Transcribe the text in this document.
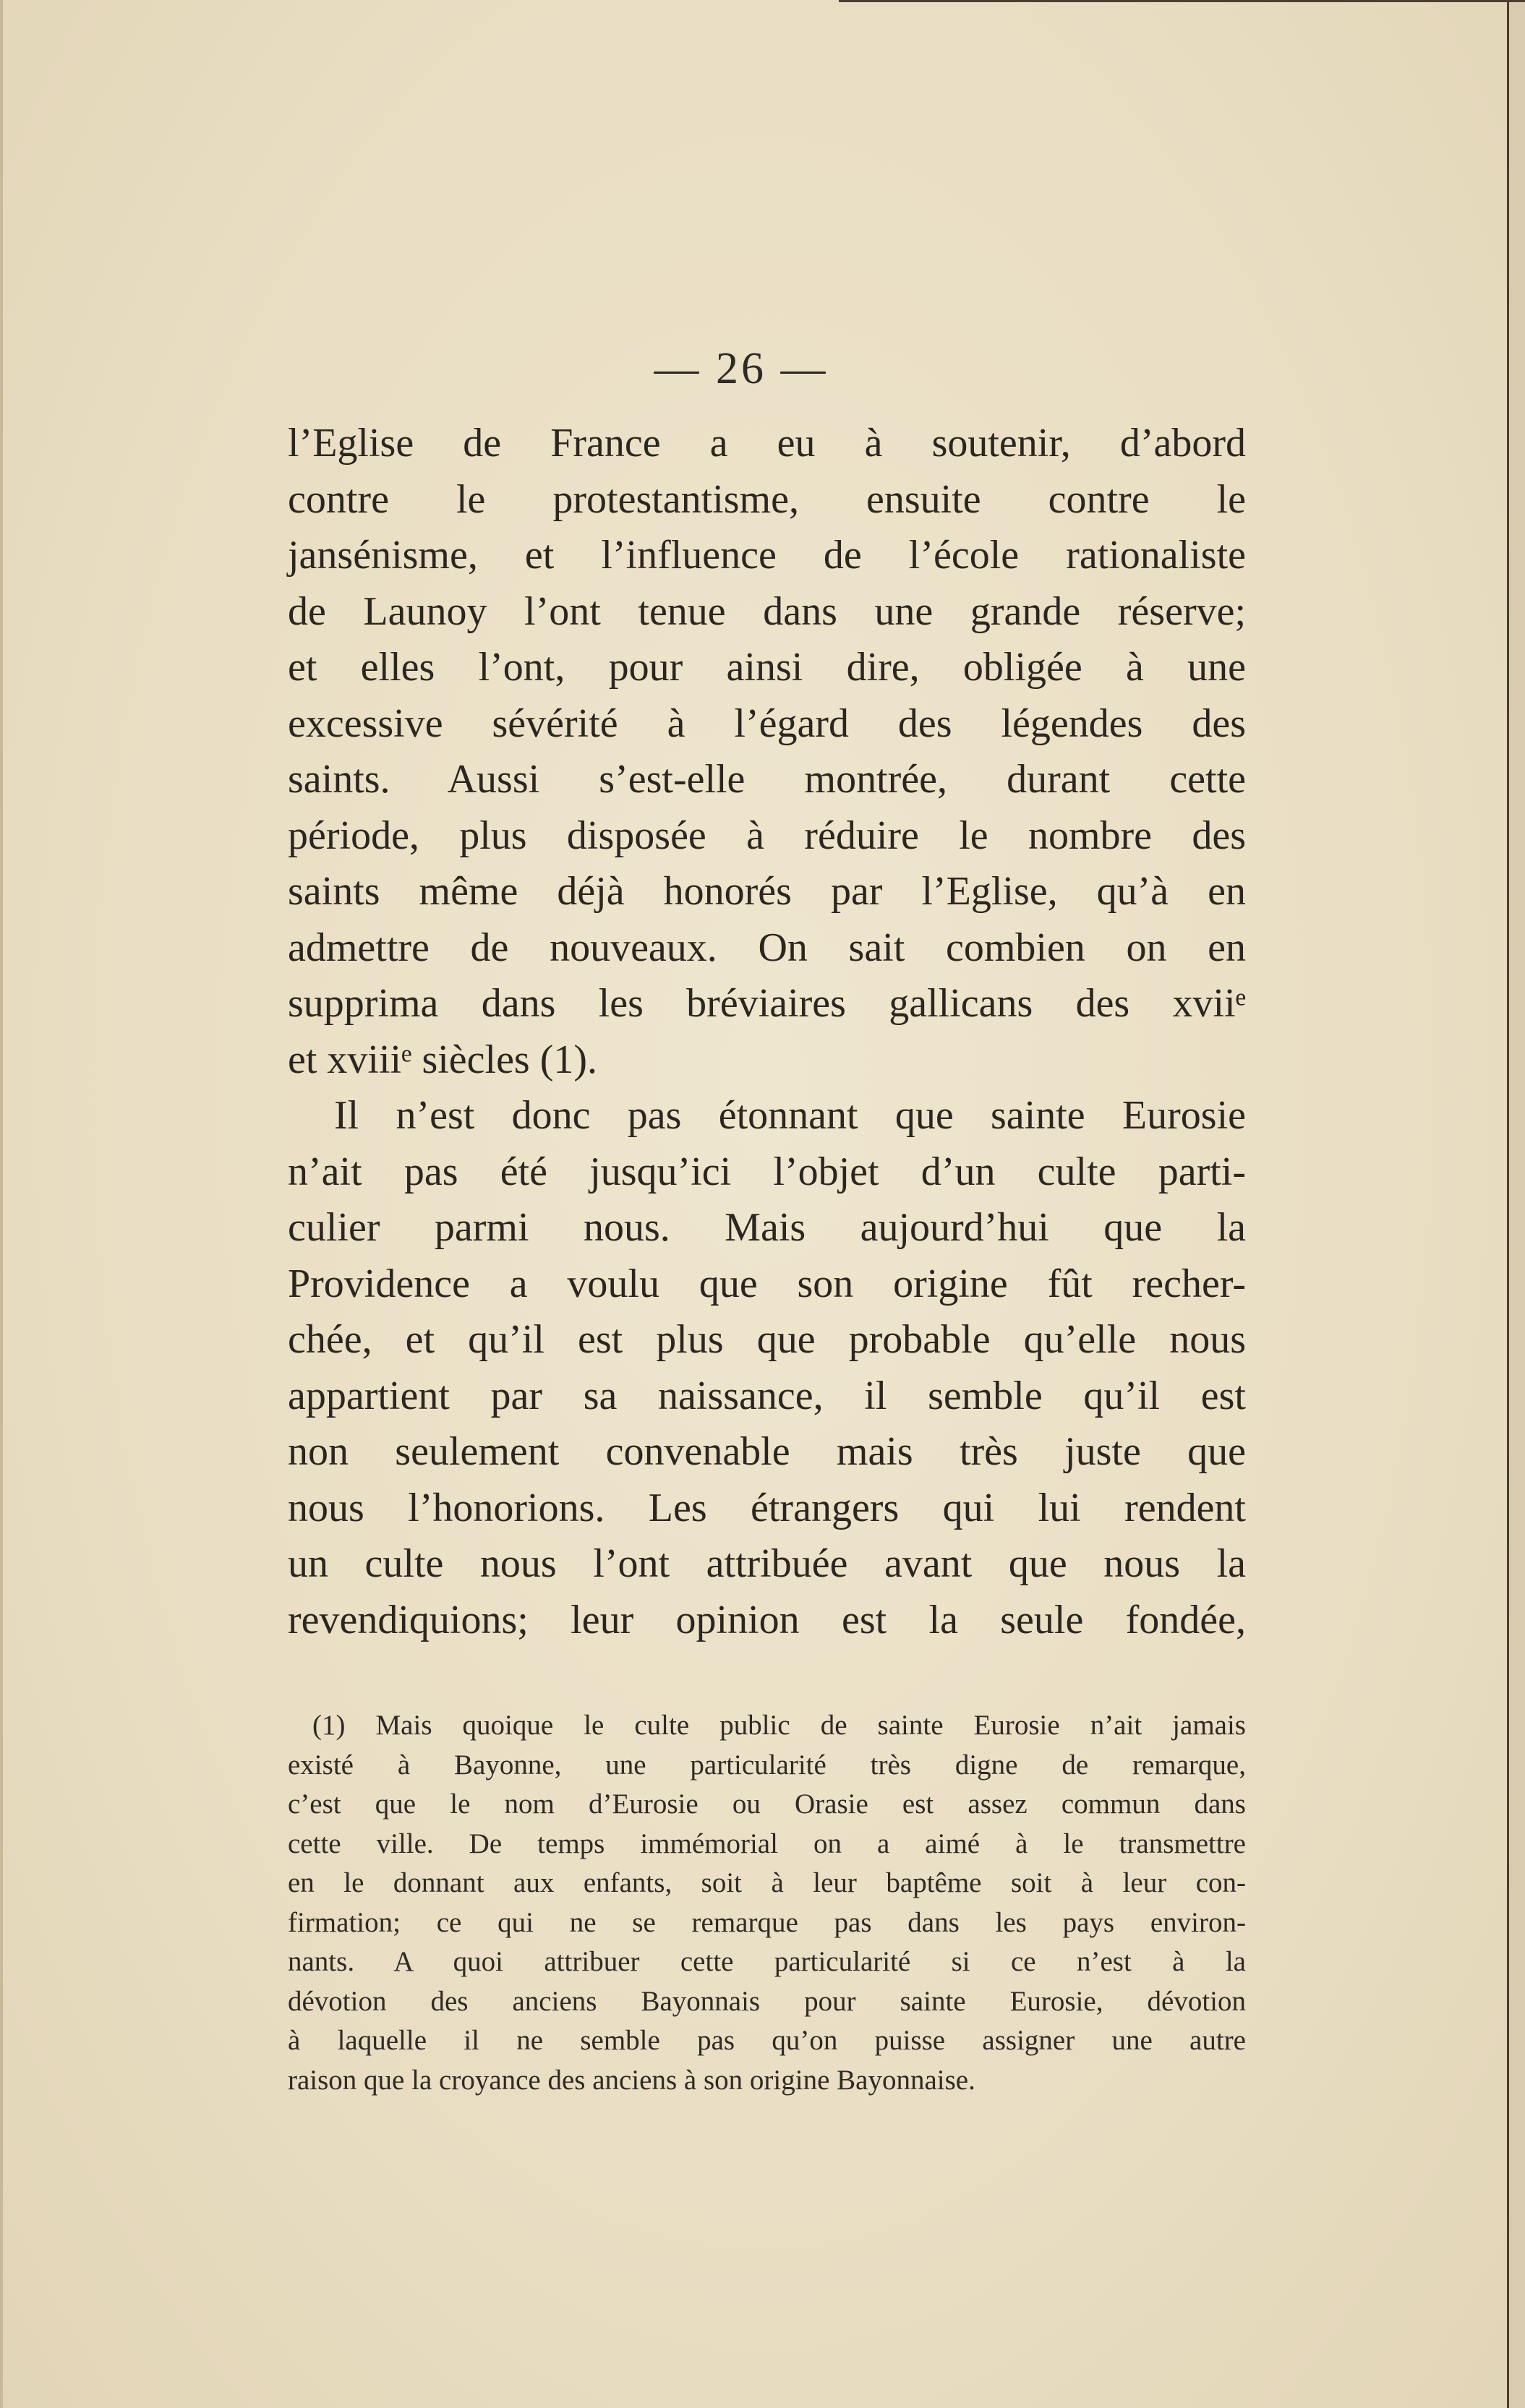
— 26 —
l’Eglise de France a eu à soutenir, d’abord
contre le protestantisme, ensuite contre le
jansénisme, et l’influence de l’école rationaliste
de Launoy l’ont tenue dans une grande réserve;
et elles l’ont, pour ainsi dire, obligée à une
excessive sévérité à l’égard des légendes des
saints. Aussi s’est-elle montrée, durant cette
période, plus disposée à réduire le nombre des
saints même déjà honorés par l’Eglise, qu’à en
admettre de nouveaux. On sait combien on en
supprima dans les bréviaires gallicans des xviiᵉ
et xviiiᵉ siècles (1).
Il n’est donc pas étonnant que sainte Eurosie
n’ait pas été jusqu’ici l’objet d’un culte parti-
culier parmi nous. Mais aujourd’hui que la
Providence a voulu que son origine fût recher-
chée, et qu’il est plus que probable qu’elle nous
appartient par sa naissance, il semble qu’il est
non seulement convenable mais très juste que
nous l’honorions. Les étrangers qui lui rendent
un culte nous l’ont attribuée avant que nous la
revendiquions; leur opinion est la seule fondée,
(1) Mais quoique le culte public de sainte Eurosie n’ait jamais
existé à Bayonne, une particularité très digne de remarque,
c’est que le nom d’Eurosie ou Orasie est assez commun dans
cette ville. De temps immémorial on a aimé à le transmettre
en le donnant aux enfants, soit à leur baptême soit à leur con-
firmation; ce qui ne se remarque pas dans les pays environ-
nants. A quoi attribuer cette particularité si ce n’est à la
dévotion des anciens Bayonnais pour sainte Eurosie, dévotion
à laquelle il ne semble pas qu’on puisse assigner une autre
raison que la croyance des anciens à son origine Bayonnaise.
